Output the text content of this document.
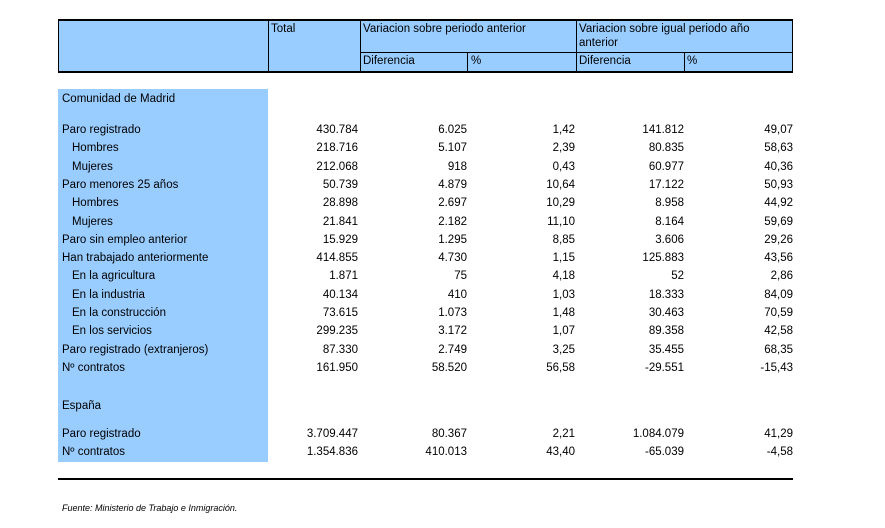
Total	Variacion sobre periodo anterior	Variacion sobre igual periodo año anterior
Diferencia	%	Diferencia	%
Comunidad de Madrid
Paro registrado	430.784	6.025	1,42	141.812	49,07
Hombres	218.716	5.107	2,39	80.835	58,63
Mujeres	212.068	918	0,43	60.977	40,36
Paro menores 25 años	50.739	4.879	10,64	17.122	50,93
Hombres	28.898	2.697	10,29	8.958	44,92
Mujeres	21.841	2.182	11,10	8.164	59,69
Paro sin empleo anterior	15.929	1.295	8,85	3.606	29,26
Han trabajado anteriormente	414.855	4.730	1,15	125.883	43,56
En la agricultura	1.871	75	4,18	52	2,86
En la industria	40.134	410	1,03	18.333	84,09
En la construcción	73.615	1.073	1,48	30.463	70,59
En los servicios	299.235	3.172	1,07	89.358	42,58
Paro registrado (extranjeros)	87.330	2.749	3,25	35.455	68,35
Nº contratos	161.950	58.520	56,58	-29.551	-15,43
España
Paro registrado	3.709.447	80.367	2,21	1.084.079	41,29
Nº contratos	1.354.836	410.013	43,40	-65.039	-4,58
Fuente: Ministerio de Trabajo e Inmigración.
